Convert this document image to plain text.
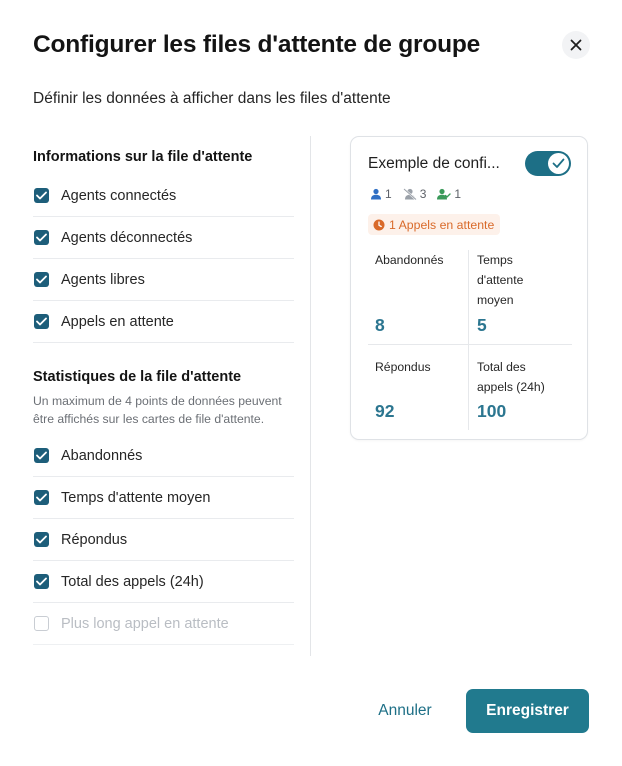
Configurer les files d'attente de groupe

Définir les données à afficher dans les files d'attente

Informations sur la file d'attente
Agents connectés
Agents déconnectés
Agents libres
Appels en attente
Statistiques de la file d'attente

Un maximum de 4 points de données peuvent être affichés sur les cartes de file d'attente.

Abandonnés
Temps d'attente moyen
Répondus
Total des appels (24h)
Plus long appel en attente
Exemple de confi...
1 3 1
1 Appels en attente
Abandonnés
8
Temps d'attente moyen
5
Répondus
92
Total des appels (24h)
100
Annuler	Enregistrer
